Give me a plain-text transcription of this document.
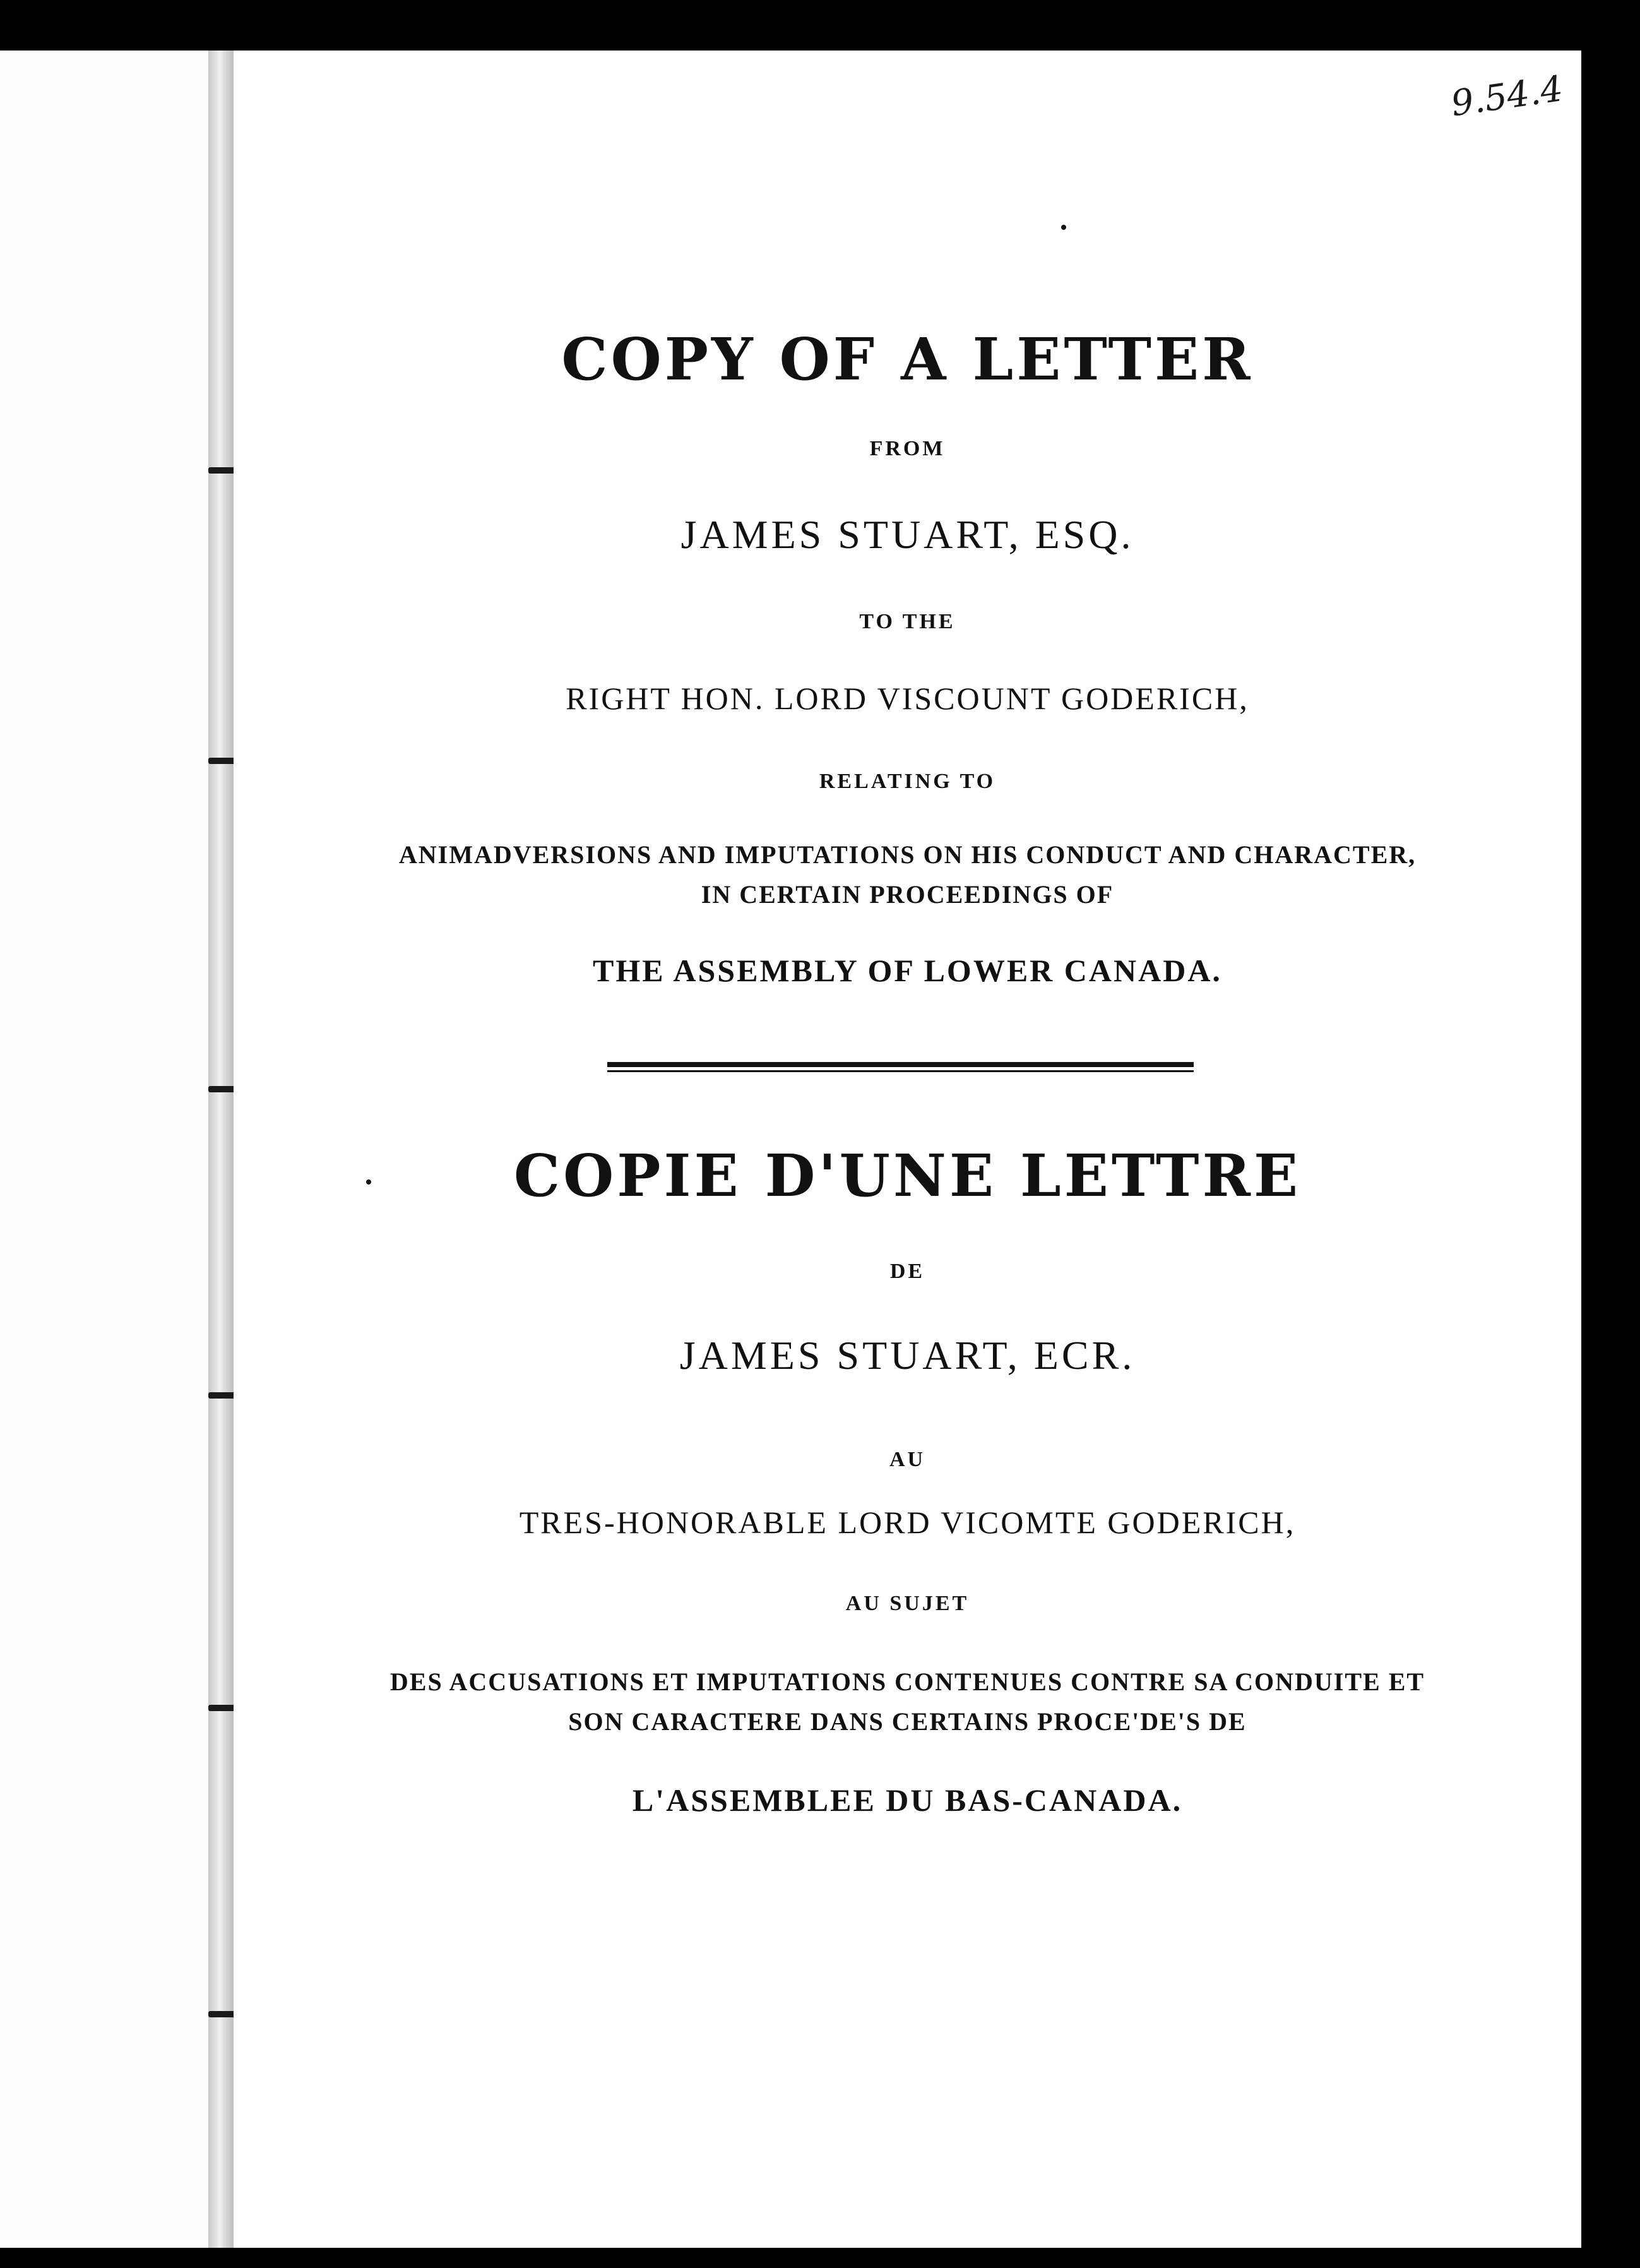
9.54.4

COPY OF A LETTER

FROM

JAMES STUART, ESQ.

TO THE

RIGHT HON. LORD VISCOUNT GODERICH,

RELATING TO

ANIMADVERSIONS AND IMPUTATIONS ON HIS CONDUCT AND CHARACTER,

IN CERTAIN PROCEEDINGS OF

THE ASSEMBLY OF LOWER CANADA.

COPIE D'UNE LETTRE

DE

JAMES STUART, ECR.

AU

TRES-HONORABLE LORD VICOMTE GODERICH,

AU SUJET

DES ACCUSATIONS ET IMPUTATIONS CONTENUES CONTRE SA CONDUITE ET

SON CARACTERE DANS CERTAINS PROCE'DE'S DE

L'ASSEMBLEE DU BAS-CANADA.
